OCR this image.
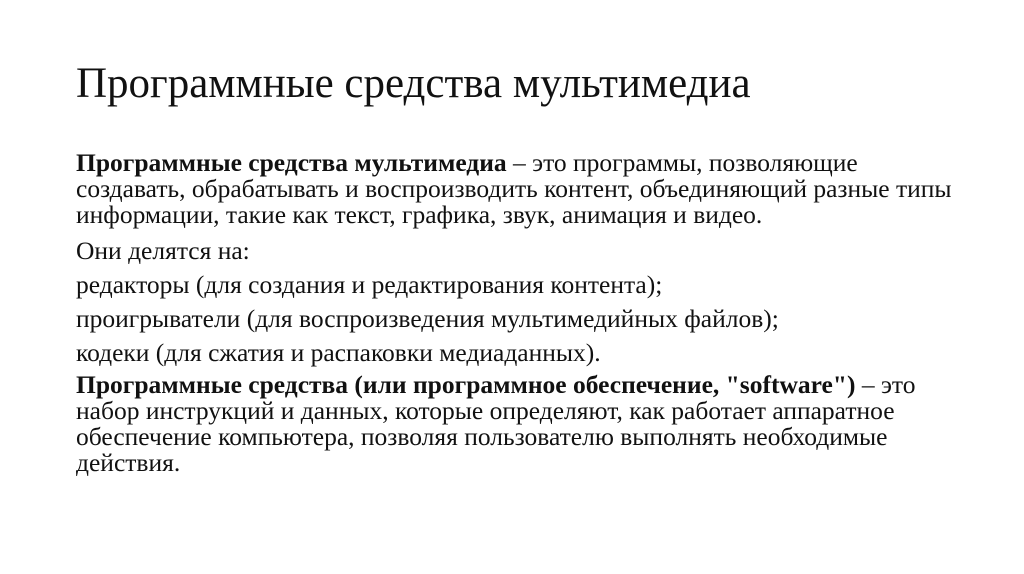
Программные средства мультимедиа

Программные средства мультимедиа – это программы, позволяющие создавать, обрабатывать и воспроизводить контент, объединяющий разные типы информации, такие как текст, графика, звук, анимация и видео.

Они делятся на:

редакторы (для создания и редактирования контента);

проигрыватели (для воспроизведения мультимедийных файлов);

кодеки (для сжатия и распаковки медиаданных).

Программные средства (или программное обеспечение, "software") – это набор инструкций и данных, которые определяют, как работает аппаратное обеспечение компьютера, позволяя пользователю выполнять необходимые действия.
